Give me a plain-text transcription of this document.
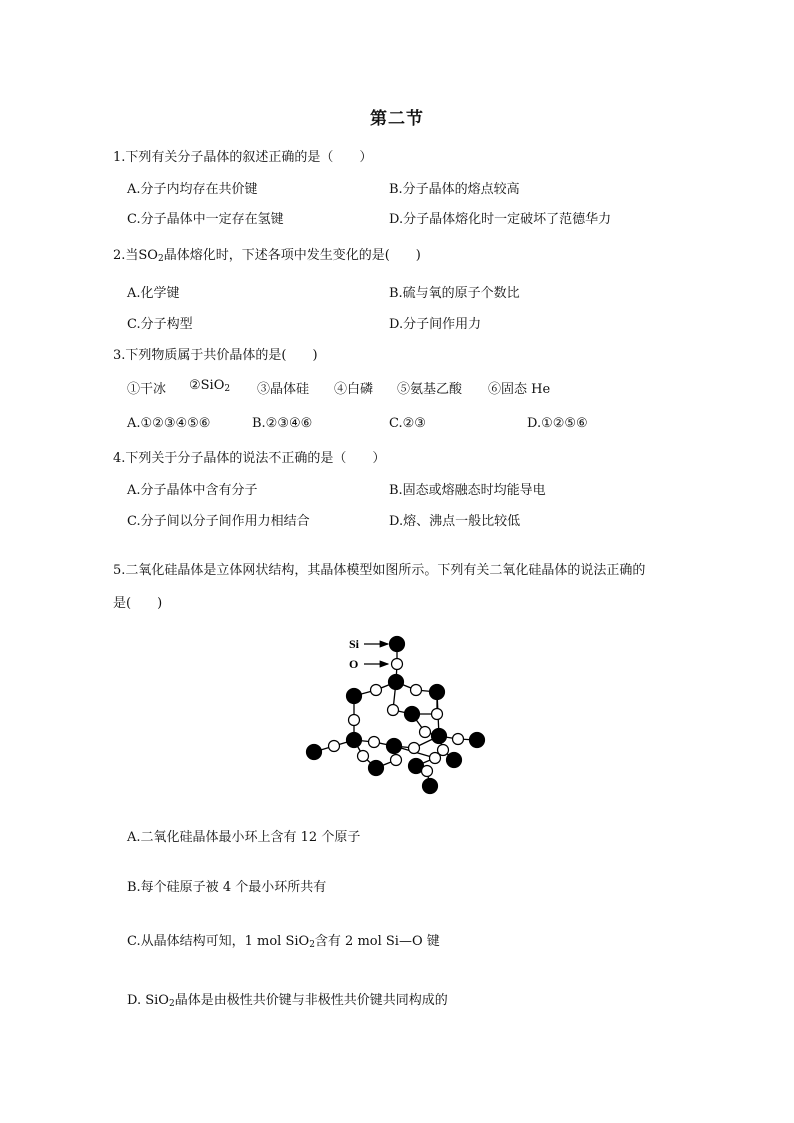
第二节
1.下列有关分子晶体的叙述正确的是（　　）
A.分子内均存在共价键	B.分子晶体的熔点较高
C.分子晶体中一定存在氢键	D.分子晶体熔化时一定破坏了范德华力
2.当$SO_2$晶体熔化时，下述各项中发生变化的是(　　)
A.化学键	B.硫与氧的原子个数比
C.分子构型	D.分子间作用力
3.下列物质属于共价晶体的是(　　)
①干冰 ②SiO$_2$ ③晶体硅 ④白磷 ⑤氨基乙酸 ⑥固态 He
A.①②③④⑤⑥	B.②③④⑥	C.②③	D.①②⑤⑥
4.下列关于分子晶体的说法不正确的是（　　）
A.分子晶体中含有分子	B.固态或熔融态时均能导电
C.分子间以分子间作用力相结合	D.熔、沸点一般比较低
5.二氧化硅晶体是立体网状结构，其晶体模型如图所示。下列有关二氧化硅晶体的说法正确的
是(　　)
Si
O
A.二氧化硅晶体最小环上含有 12 个原子
B.每个硅原子被 4 个最小环所共有
C.从晶体结构可知，1 mol SiO$_2$含有 2 mol Si—O 键
D. SiO$_2$晶体是由极性共价键与非极性共价键共同构成的
